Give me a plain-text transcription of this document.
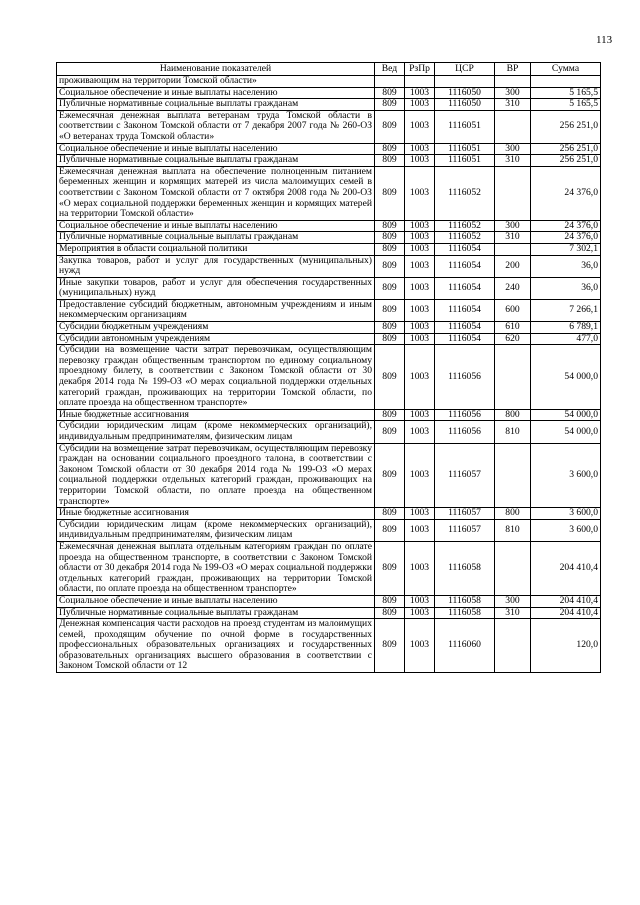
113
Наименование показателей	Вед	РзПр	ЦСР	ВР	Сумма
проживающим на территории Томской области»					
Социальное обеспечение и иные выплаты населению	809	1003	1116050	300	5 165,5
Публичные нормативные социальные выплаты гражданам	809	1003	1116050	310	5 165,5
Ежемесячная денежная выплата ветеранам труда Томской области в соответствии с Законом Томской области от 7 декабря 2007 года № 260-ОЗ «О ветеранах труда Томской области»	809	1003	1116051		256 251,0
Социальное обеспечение и иные выплаты населению	809	1003	1116051	300	256 251,0
Публичные нормативные социальные выплаты гражданам	809	1003	1116051	310	256 251,0
Ежемесячная денежная выплата на обеспечение полноценным питанием беременных женщин и кормящих матерей из числа малоимущих семей в соответствии с Законом Томской области от 7 октября 2008 года № 200-ОЗ «О мерах социальной поддержки беременных женщин и кормящих матерей на территории Томской области»	809	1003	1116052		24 376,0
Социальное обеспечение и иные выплаты населению	809	1003	1116052	300	24 376,0
Публичные нормативные социальные выплаты гражданам	809	1003	1116052	310	24 376,0
Мероприятия в области социальной политики	809	1003	1116054		7 302,1
Закупка товаров, работ и услуг для государственных (муниципальных) нужд	809	1003	1116054	200	36,0
Иные закупки товаров, работ и услуг для обеспечения государственных (муниципальных) нужд	809	1003	1116054	240	36,0
Предоставление субсидий бюджетным, автономным учреждениям и иным некоммерческим организациям	809	1003	1116054	600	7 266,1
Субсидии бюджетным учреждениям	809	1003	1116054	610	6 789,1
Субсидии автономным учреждениям	809	1003	1116054	620	477,0
Субсидии на возмещение части затрат перевозчикам, осуществляющим перевозку граждан общественным транспортом по единому социальному проездному билету, в соответствии с Законом Томской области от 30 декабря 2014 года № 199-ОЗ «О мерах социальной поддержки отдельных категорий граждан, проживающих на территории Томской области, по оплате проезда на общественном транспорте»	809	1003	1116056		54 000,0
Иные бюджетные ассигнования	809	1003	1116056	800	54 000,0
Субсидии юридическим лицам (кроме некоммерческих организаций), индивидуальным предпринимателям, физическим лицам	809	1003	1116056	810	54 000,0
Субсидии на возмещение затрат перевозчикам, осуществляющим перевозку граждан на основании социального проездного талона, в соответствии с Законом Томской области от 30 декабря 2014 года № 199-ОЗ «О мерах социальной поддержки отдельных категорий граждан, проживающих на территории Томской области, по оплате проезда на общественном транспорте»	809	1003	1116057		3 600,0
Иные бюджетные ассигнования	809	1003	1116057	800	3 600,0
Субсидии юридическим лицам (кроме некоммерческих организаций), индивидуальным предпринимателям, физическим лицам	809	1003	1116057	810	3 600,0
Ежемесячная денежная выплата отдельным категориям граждан по оплате проезда на общественном транспорте, в соответствии с Законом Томской области от 30 декабря 2014 года № 199-ОЗ «О мерах социальной поддержки отдельных категорий граждан, проживающих на территории Томской области, по оплате проезда на общественном транспорте»	809	1003	1116058		204 410,4
Социальное обеспечение и иные выплаты населению	809	1003	1116058	300	204 410,4
Публичные нормативные социальные выплаты гражданам	809	1003	1116058	310	204 410,4
Денежная компенсация части расходов на проезд студентам из малоимущих семей, проходящим обучение по очной форме в государственных профессиональных образовательных организациях и государственных образовательных организациях высшего образования в соответствии с Законом Томской области от 12	809	1003	1116060		120,0
